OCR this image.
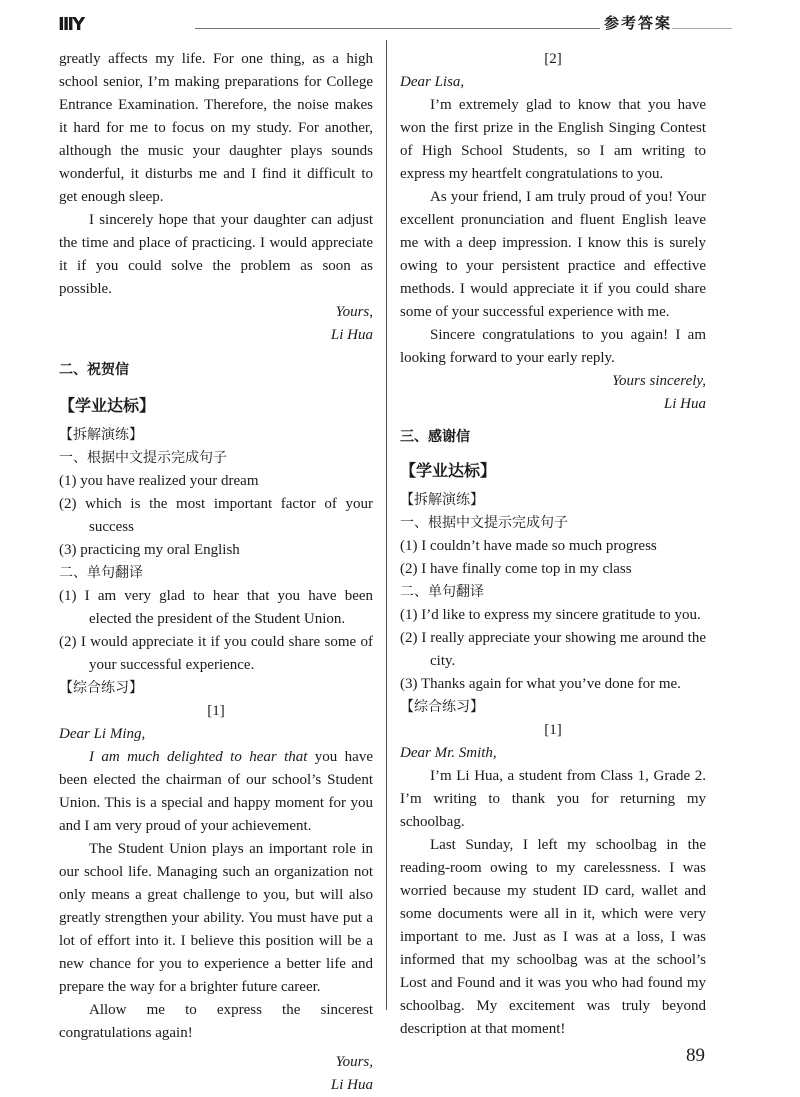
IIIY	参考答案

greatly affects my life. For one thing, as a high school senior, I’m making preparations for College Entrance Examination. Therefore, the noise makes it hard for me to focus on my study. For another, although the music your daughter plays sounds wonderful, it disturbs me and I find it difficult to get enough sleep.

I sincerely hope that your daughter can adjust the time and place of practicing. I would appreciate it if you could solve the problem as soon as possible.

Yours,

Li Hua

二、祝贺信
【学业达标】
【拆解演练】
一、根据中文提示完成句子

(1) you have realized your dream

(2) which is the most important factor of your success

(3) practicing my oral English

二、单句翻译

(1) I am very glad to hear that you have been elected the president of the Student Union.

(2) I would appreciate it if you could share some of your successful experience.

【综合练习】

[1]

Dear Li Ming,

I am much delighted to hear that you have been elected the chairman of our school’s Student Union. This is a special and happy moment for you and I am very proud of your achievement.

The Student Union plays an important role in our school life. Managing such an organization not only means a great challenge to you, but will also greatly strengthen your ability. You must have put a lot of effort into it. I believe this position will be a new chance for you to experience a better life and prepare the way for a brighter future career.

Allow me to express the sincerest congratulations again!

Yours,

Li Hua

[2]

Dear Lisa,

I’m extremely glad to know that you have won the first prize in the English Singing Contest of High School Students, so I am writing to express my heartfelt congratulations to you.

As your friend, I am truly proud of you! Your excellent pronunciation and fluent English leave me with a deep impression. I know this is surely owing to your persistent practice and effective methods. I would appreciate it if you could share some of your successful experience with me.

Sincere congratulations to you again! I am looking forward to your early reply.

Yours sincerely,

Li Hua

三、感谢信
【学业达标】
【拆解演练】
一、根据中文提示完成句子

(1) I couldn’t have made so much progress

(2) I have finally come top in my class

二、单句翻译

(1) I’d like to express my sincere gratitude to you.

(2) I really appreciate your showing me around the city.

(3) Thanks again for what you’ve done for me.

【综合练习】

[1]

Dear Mr. Smith,

I’m Li Hua, a student from Class 1, Grade 2. I’m writing to thank you for returning my schoolbag.

Last Sunday, I left my schoolbag in the reading-room owing to my carelessness. I was worried because my student ID card, wallet and some documents were all in it, which were very important to me. Just as I was at a loss, I was informed that my schoolbag was at the school’s Lost and Found and it was you who had found my schoolbag. My excitement was truly beyond description at that moment!

89
